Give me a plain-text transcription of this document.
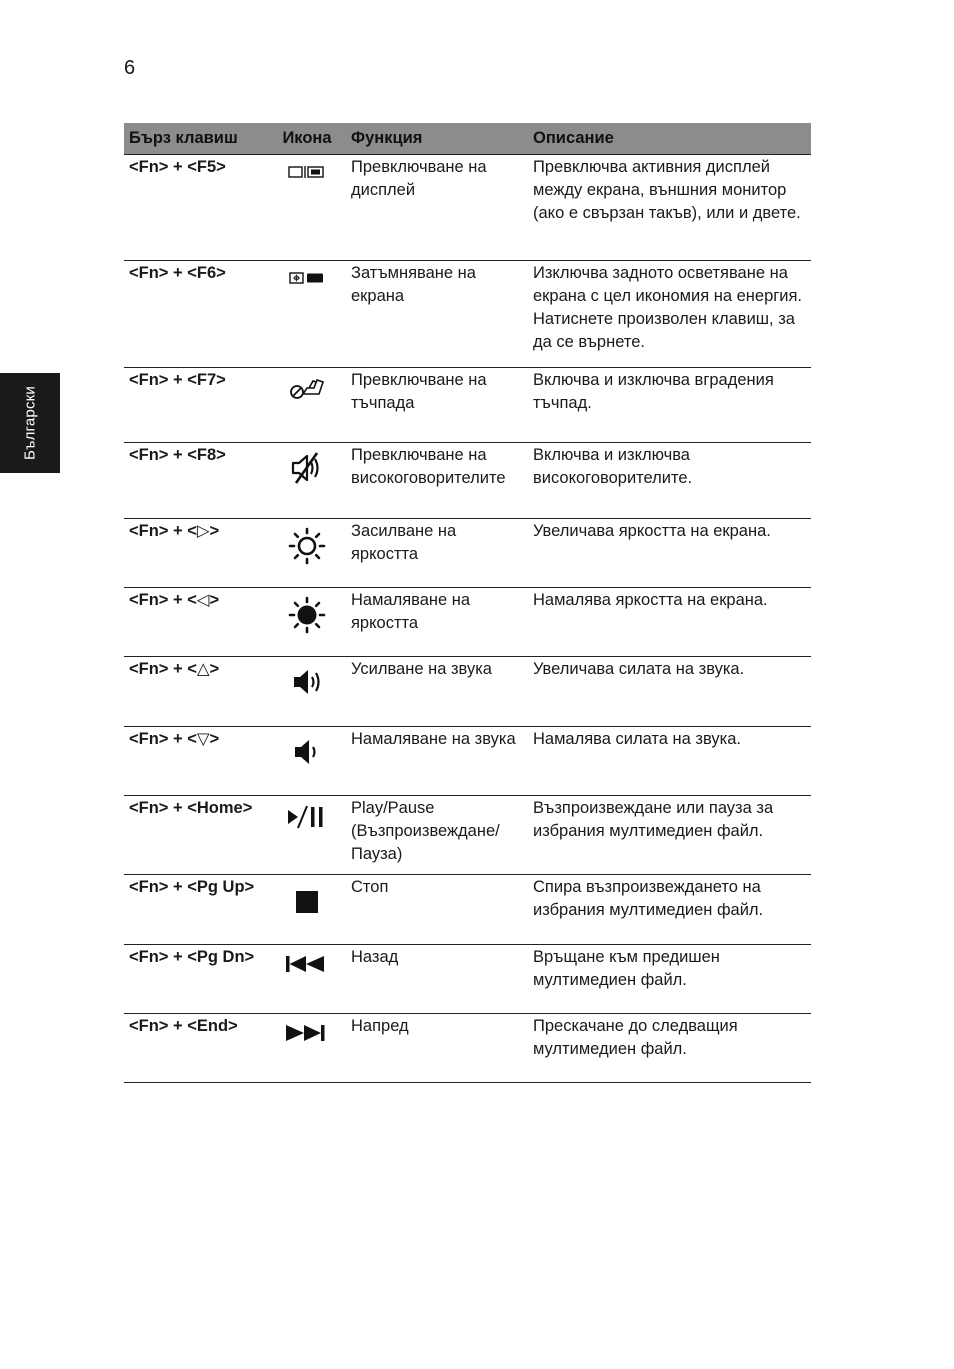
6
Български
Бърз клавиш	Икона	Функция	Описание
<Fn> + <F5>		Превключване на дисплей	Превключва активния дисплей между екрана, външния монитор (ако е свързан такъв), или и двете.
<Fn> + <F6>		Затъмняване на екрана	Изключва задното осветяване на екрана с цел икономия на енергия. Натиснете произволен клавиш, за да се върнете.
<Fn> + <F7>		Превключване на тъчпада	Включва и изключва вградения тъчпад.
<Fn> + <F8>		Превключване на високоговорителите	Включва и изключва високоговорителите.
<Fn> + <▷>		Засилване на яркостта	Увеличава яркостта на екрана.
<Fn> + <◁>		Намаляване на яркостта	Намалява яркостта на екрана.
<Fn> + <△>		Усилване на звука	Увеличава силата на звука.
<Fn> + <▽>		Намаляване на звука	Намалява силата на звука.
<Fn> + <Home>		Play/Pause (Възпроизвеждане/ Пауза)	Възпроизвеждане или пауза за избрания мултимедиен файл.
<Fn> + <Pg Up>		Стоп	Спира възпроизвеждането на избрания мултимедиен файл.
<Fn> + <Pg Dn>		Назад	Връщане към предишен мултимедиен файл.
<Fn> + <End>		Напред	Прескачане до следващия мултимедиен файл.
